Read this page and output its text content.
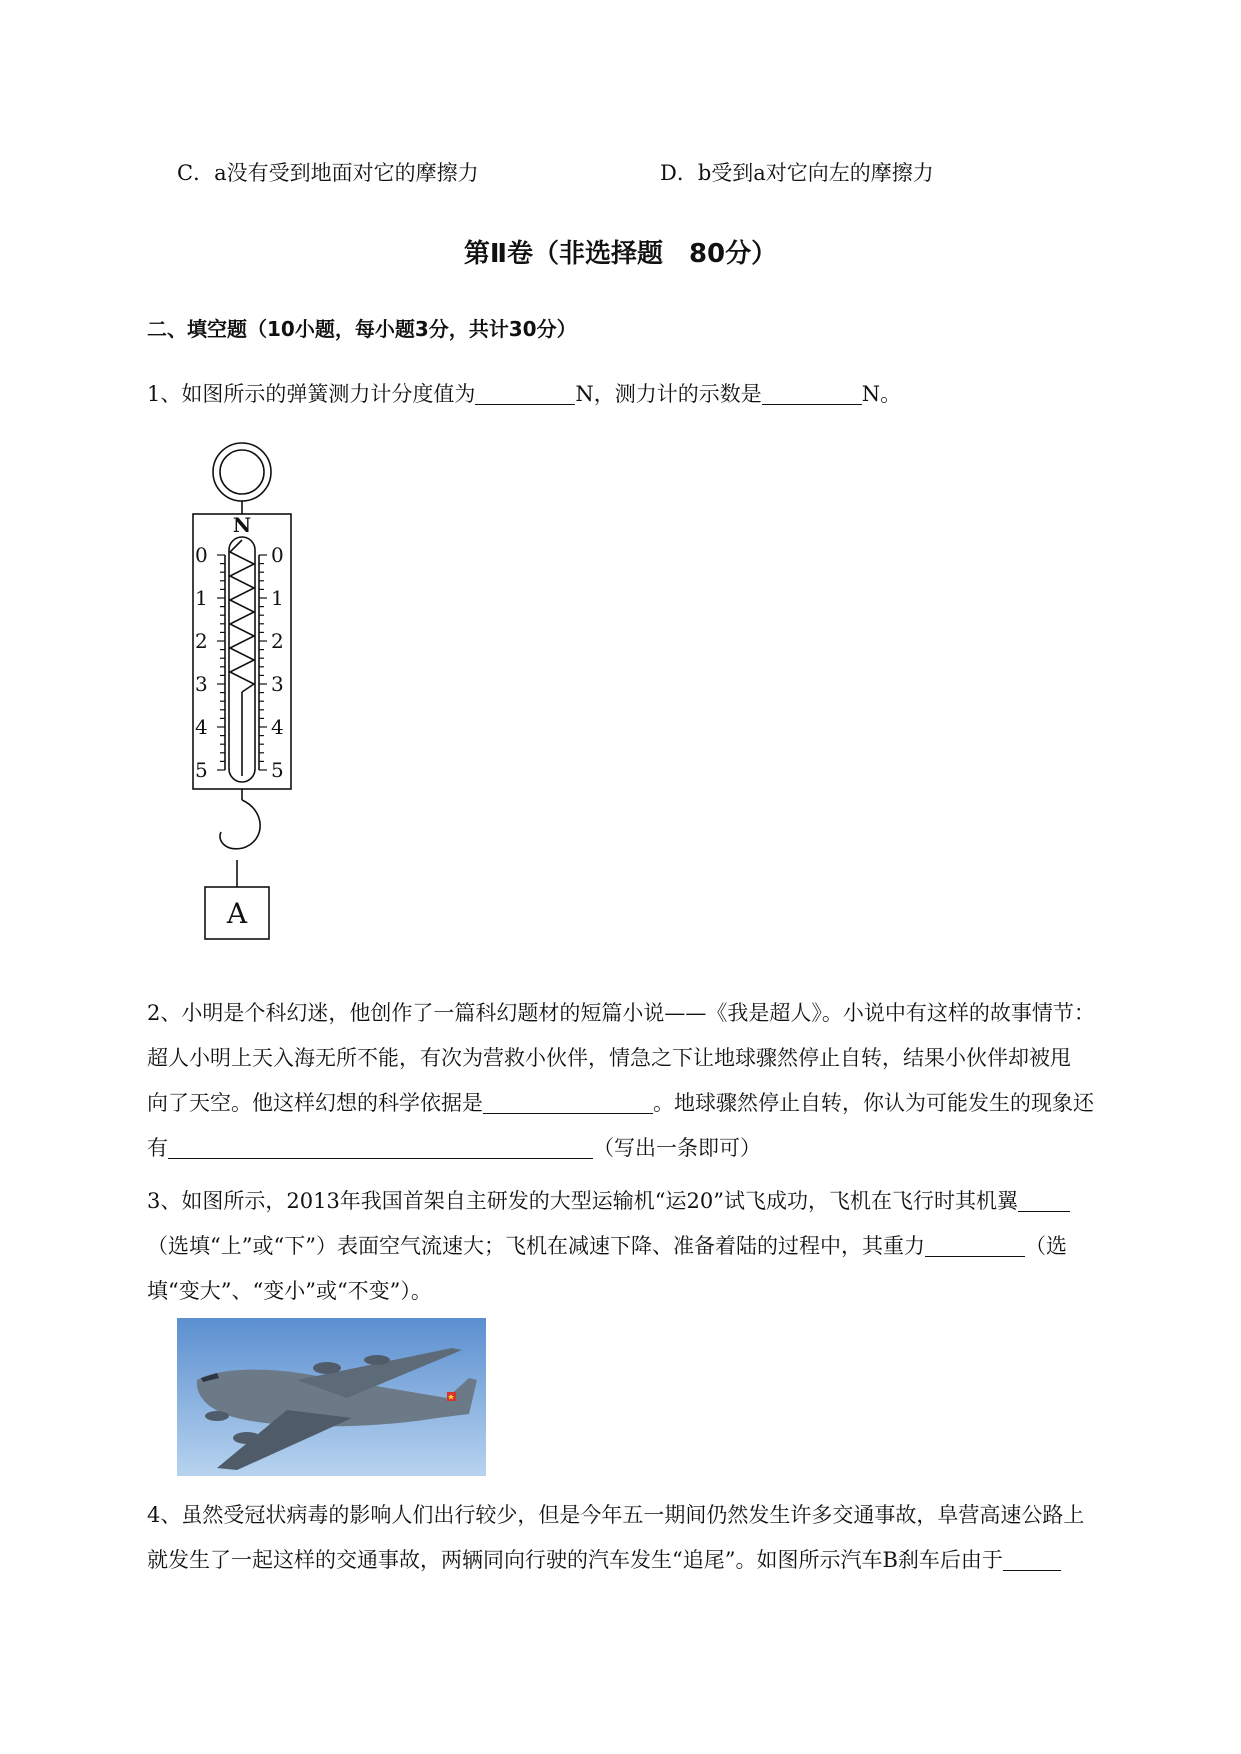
C．a没有受到地面对它的摩擦力	D．b受到a对它向左的摩擦力
第Ⅱ卷（非选择题　80分）
二、填空题（10小题，每小题3分，共计30分）
1、如图所示的弹簧测力计分度值为	N，测力计的示数是	N。
N
0	0
1	1
2	2
3	3
4	4
5	5
A
2、小明是个科幻迷，他创作了一篇科幻题材的短篇小说——《我是超人》。小说中有这样的故事情节：
超人小明上天入海无所不能，有次为营救小伙伴，情急之下让地球骤然停止自转，结果小伙伴却被甩
向了天空。他这样幻想的科学依据是	。地球骤然停止自转，你认为可能发生的现象还
有	（写出一条即可）
3、如图所示，2013年我国首架自主研发的大型运输机“运20”试飞成功，飞机在飞行时其机翼
（选填“上”或“下”）表面空气流速大；飞机在减速下降、准备着陆的过程中，其重力	（选
填“变大”、“变小”或“不变”）。
4、虽然受冠状病毒的影响人们出行较少，但是今年五一期间仍然发生许多交通事故，阜营高速公路上
就发生了一起这样的交通事故，两辆同向行驶的汽车发生“追尾”。如图所示汽车B刹车后由于
